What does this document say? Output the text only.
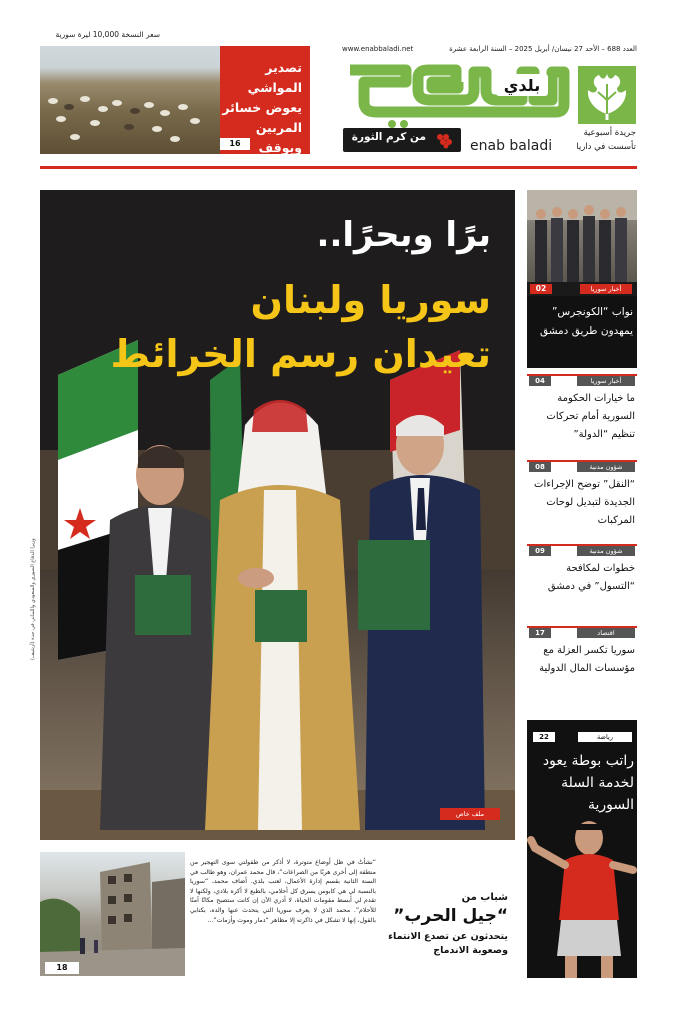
سعر النسخة 10,000 ليرة سورية
www.enabbaladi.net	العدد 688 – الأحد 27 نيسان/ أبريل 2025 – السنة الرابعة عشرة
تصدير المواشي يعوض خسائر المربين ويوقف
16
بلدي
من كرم الثورة
enab baladi
جريدة أسبوعية
تأسست في داريا
برًا وبحرًا..
سوريا ولبنان
تعيدان رسم الخرائط
ملف خاص
وزيرا الدفاع السوري والسعودي واللبناني في جدة (أرشيف)
02	أخبار سوريا
نواب “الكونجرس” يمهدون طريق دمشق
04	أخبار سوريا
ما خيارات الحكومة السورية أمام تحركات تنظيم “الدولة”
08	شؤون مدنية
“النقل” توضح الإجراءات الجديدة لتبديل لوحات المركبات
09	شؤون مدنية
خطوات لمكافحة “التسول” في دمشق
17	اقتصاد
سوريا تكسر العزلة مع مؤسسات المال الدولية
22	رياضة
راتب بوطة يعود لخدمة السلة السورية
18
“نشأتُ في ظل أوضاع متوترة، لا أذكر من طفولتي سوى التهجير من منطقة إلى أخرى هربًا من الصراعات”، قال محمد عمران، وهو طالب في السنة الثانية بقسم إدارة الأعمال، لعنب بلدي. أضاف محمد، “سوريا بالنسبة لي هي كابوس يسرق كل أحلامي، بالطبع لا أكره بلادي، ولكنها لا تقدم لي أبسط مقومات الحياة، لا أدري الآن إن كانت ستصبح مكانًا آمنًا للأحلام”. محمد الذي لا يعرف سوريا التي يتحدث عنها والده، بكتابي بالقول، إنها لا تشكل في ذاكرته إلا مظاهر “دمار وموت وأزمات”...
شباب من
“جيل الحرب”
يتحدثون عن تصدع الانتماء وصعوبة الاندماج
